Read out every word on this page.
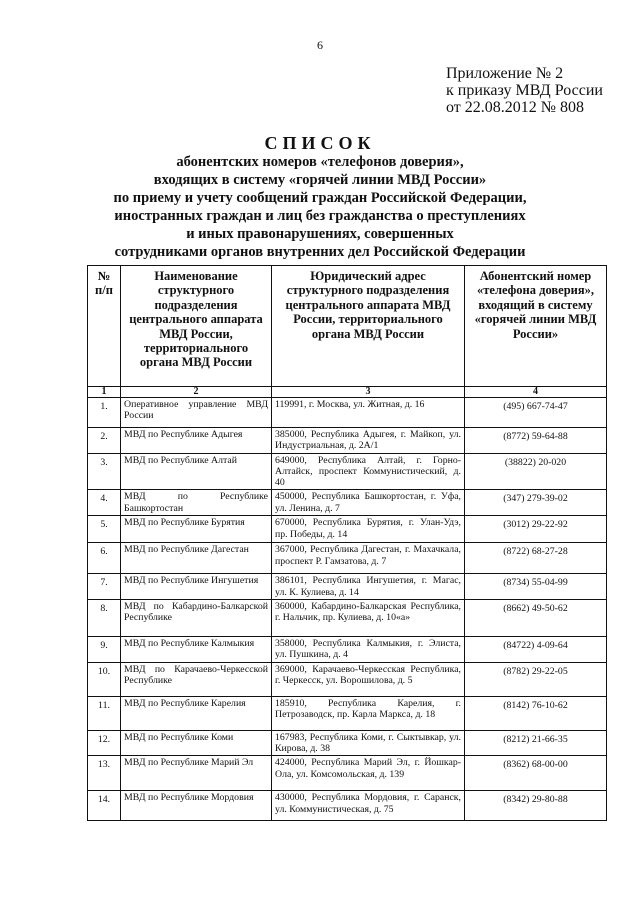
6
Приложение № 2
к приказу МВД России
от 22.08.2012 № 808
СПИСОК
абонентских номеров «телефонов доверия»,
входящих в систему «горячей линии МВД России»
по приему и учету сообщений граждан Российской Федерации,
иностранных граждан и лиц без гражданства о преступлениях
и иных правонарушениях, совершенных
сотрудниками органов внутренних дел Российской Федерации
№ п/п	Наименование структурного подразделения центрального аппарата МВД России, территориального органа МВД России	Юридический адрес структурного подразделения центрального аппарата МВД России, территориального органа МВД России	Абонентский номер «телефона доверия», входящий в систему «горячей линии МВД России»
1	2	3	4
1.	Оперативное управление МВД России	119991, г. Москва, ул. Житная, д. 16	(495) 667-74-47
2.	МВД по Республике Адыгея	385000, Республика Адыгея, г. Майкоп, ул. Индустриальная, д. 2А/1	(8772) 59-64-88
3.	МВД по Республике Алтай	649000, Республика Алтай, г. Горно-Алтайск, проспект Коммунистический, д. 40	(38822) 20-020
4.	МВД по Республике Башкортостан	450000, Республика Башкортостан, г. Уфа, ул. Ленина, д. 7	(347) 279-39-02
5.	МВД по Республике Бурятия	670000, Республика Бурятия, г. Улан-Удэ, пр. Победы, д. 14	(3012) 29-22-92
6.	МВД по Республике Дагестан	367000, Республика Дагестан, г. Махачкала, проспект Р. Гамзатова, д. 7	(8722) 68-27-28
7.	МВД по Республике Ингушетия	386101, Республика Ингушетия, г. Магас, ул. К. Кулиева, д. 14	(8734) 55-04-99
8.	МВД по Кабардино-Балкарской Республике	360000, Кабардино-Балкарская Республика, г. Нальчик, пр. Кулиева, д. 10«а»	(8662) 49-50-62
9.	МВД по Республике Калмыкия	358000, Республика Калмыкия, г. Элиста, ул. Пушкина, д. 4	(84722) 4-09-64
10.	МВД по Карачаево-Черкесской Республике	369000, Карачаево-Черкесская Республика, г. Черкесск, ул. Ворошилова, д. 5	(8782) 29-22-05
11.	МВД по Республике Карелия	185910, Республика Карелия, г. Петрозаводск, пр. Карла Маркса, д. 18	(8142) 76-10-62
12.	МВД по Республике Коми	167983, Республика Коми, г. Сыктывкар, ул. Кирова, д. 38	(8212) 21-66-35
13.	МВД по Республике Марий Эл	424000, Республика Марий Эл, г. Йошкар-Ола, ул. Комсомольская, д. 139	(8362) 68-00-00
14.	МВД по Республике Мордовия	430000, Республика Мордовия, г. Саранск, ул. Коммунистическая, д. 75	(8342) 29-80-88
